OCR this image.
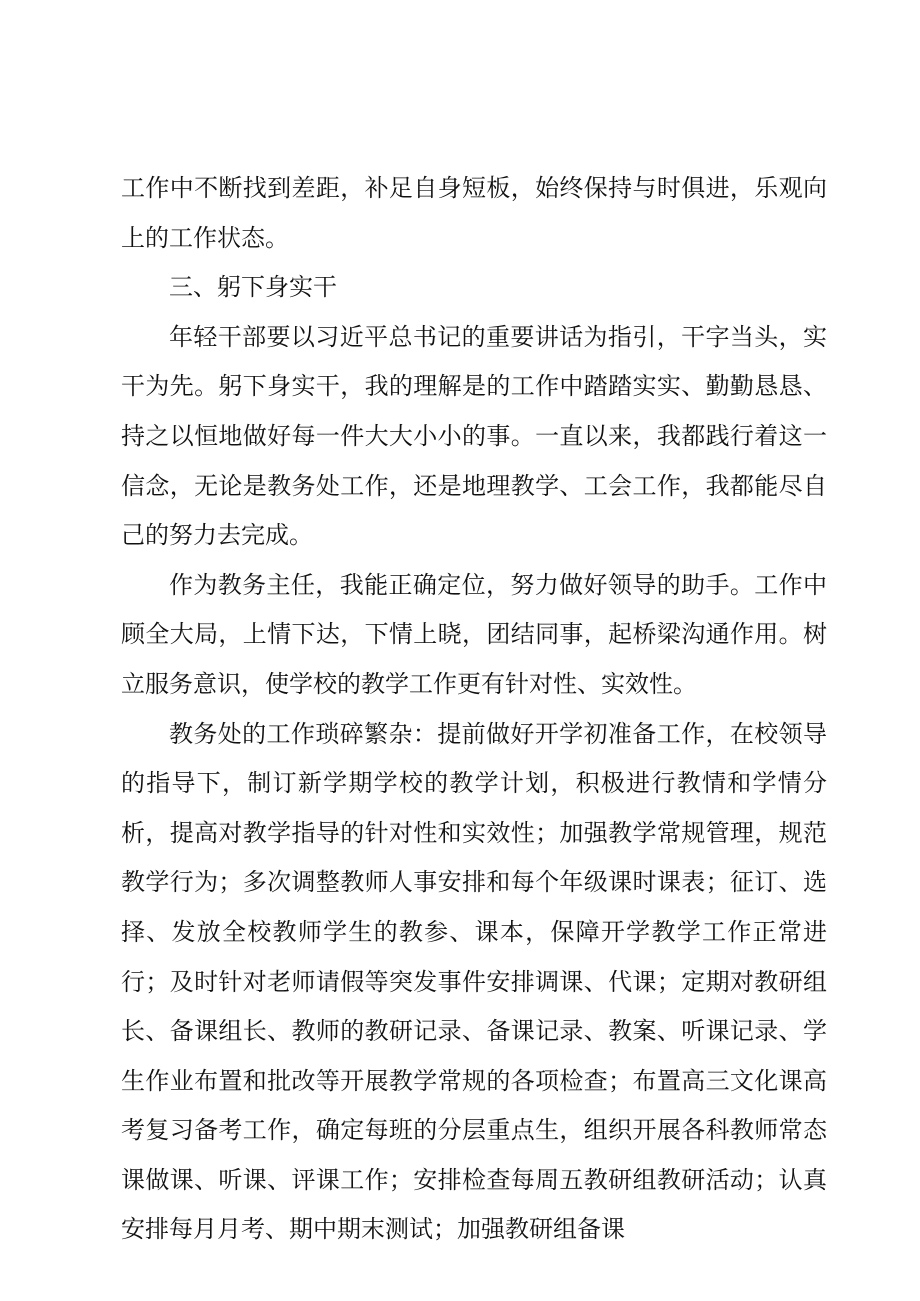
工作中不断找到差距，补足自身短板，始终保持与时俱进，乐观向上的工作状态。

三、躬下身实干

年轻干部要以习近平总书记的重要讲话为指引，干字当头，实干为先。躬下身实干，我的理解是的工作中踏踏实实、勤勤恳恳、持之以恒地做好每一件大大小小的事。一直以来，我都践行着这一信念，无论是教务处工作，还是地理教学、工会工作，我都能尽自己的努力去完成。

作为教务主任，我能正确定位，努力做好领导的助手。工作中顾全大局，上情下达，下情上晓，团结同事，起桥梁沟通作用。树立服务意识，使学校的教学工作更有针对性、实效性。

教务处的工作琐碎繁杂：提前做好开学初准备工作，在校领导的指导下，制订新学期学校的教学计划，积极进行教情和学情分析，提高对教学指导的针对性和实效性；加强教学常规管理，规范教学行为；多次调整教师人事安排和每个年级课时课表；征订、选择、发放全校教师学生的教参、课本，保障开学教学工作正常进行；及时针对老师请假等突发事件安排调课、代课；定期对教研组长、备课组长、教师的教研记录、备课记录、教案、听课记录、学生作业布置和批改等开展教学常规的各项检查；布置高三文化课高考复习备考工作，确定每班的分层重点生，组织开展各科教师常态课做课、听课、评课工作；安排检查每周五教研组教研活动；认真安排每月月考、期中期末测试；加强教研组备课
